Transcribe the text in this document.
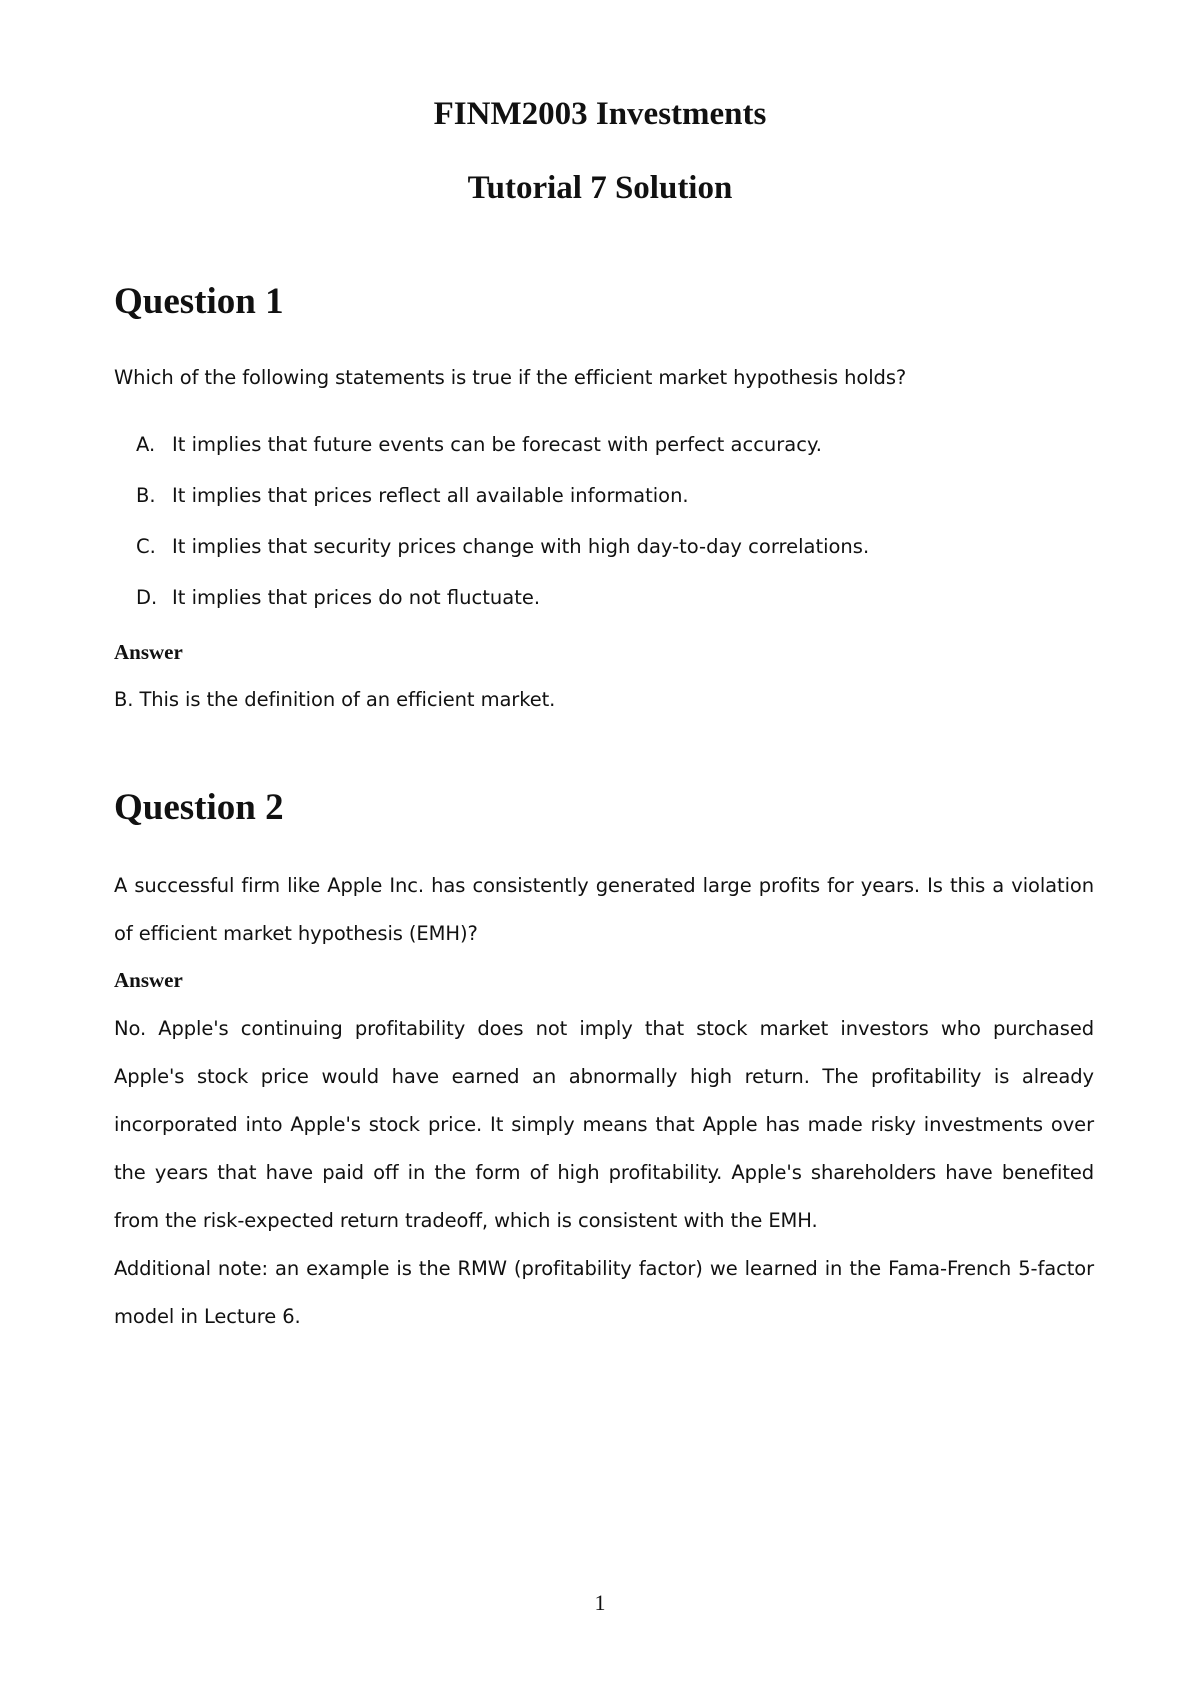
FINM2003 Investments
Tutorial 7 Solution
Question 1

Which of the following statements is true if the efficient market hypothesis holds?

A. It implies that future events can be forecast with perfect accuracy.
B. It implies that prices reflect all available information.
C. It implies that security prices change with high day-to-day correlations.
D. It implies that prices do not fluctuate.

Answer

B. This is the definition of an efficient market.

Question 2

A successful firm like Apple Inc. has consistently generated large profits for years. Is this a violation of efficient market hypothesis (EMH)?

Answer

No. Apple's continuing profitability does not imply that stock market investors who purchased Apple's stock price would have earned an abnormally high return. The profitability is already incorporated into Apple's stock price. It simply means that Apple has made risky investments over the years that have paid off in the form of high profitability. Apple's shareholders have benefited from the risk-expected return tradeoff, which is consistent with the EMH.

Additional note: an example is the RMW (profitability factor) we learned in the Fama-French 5-factor model in Lecture 6.

1
